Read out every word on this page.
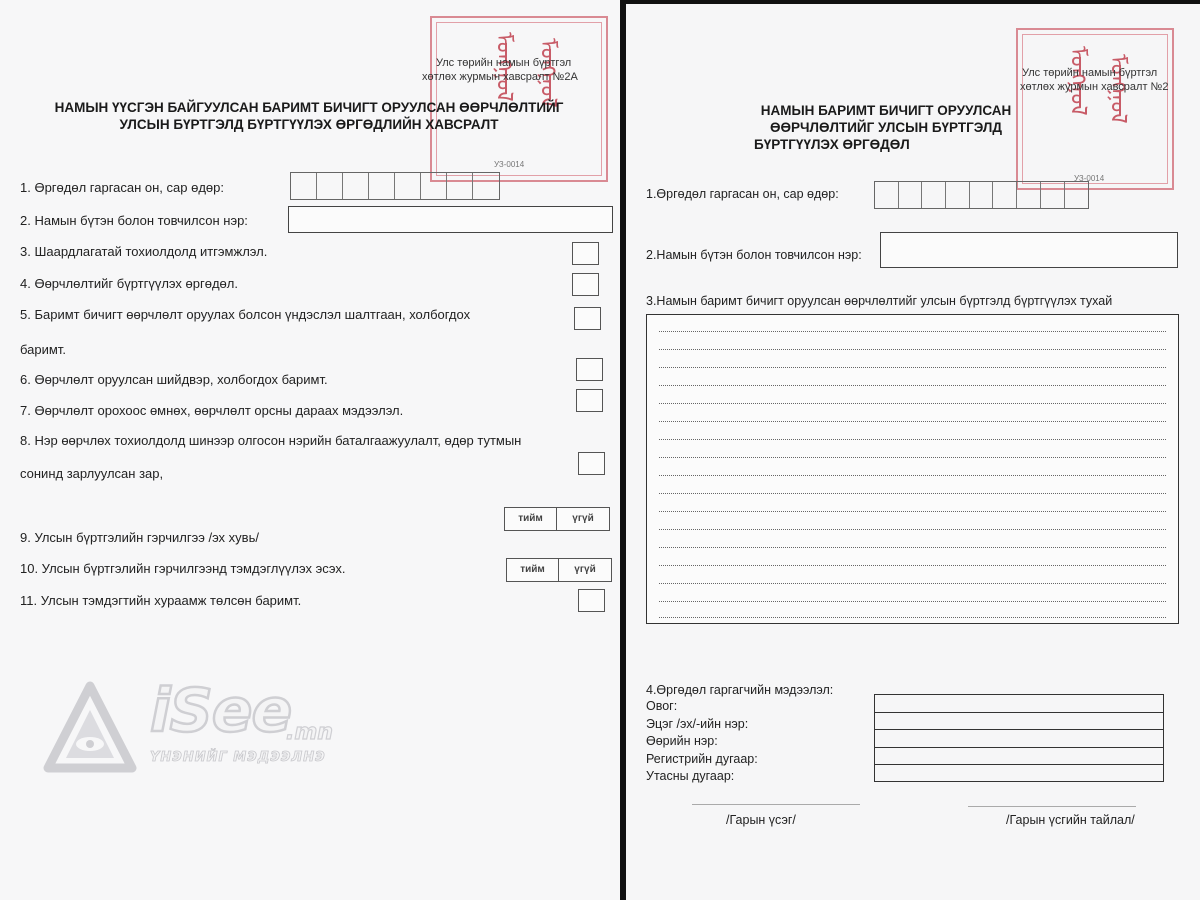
ᠮᠣᠩᠭᠣᠯ ᠮᠣᠩᠭᠣᠯ
УЗ-0014
Улс төрийн намын бүртгэл
хөтлөх журмын хавсралт №2А
НАМЫН ҮҮСГЭН БАЙГУУЛСАН БАРИМТ БИЧИГТ ОРУУЛСАН ӨӨРЧЛӨЛТИЙГ
УЛСЫН БҮРТГЭЛД БҮРТГҮҮЛЭХ ӨРГӨДЛИЙН ХАВСРАЛТ
1. Өргөдөл гаргасан он, сар өдөр:
2. Намын бүтэн болон товчилсон нэр:
3. Шаардлагатай тохиолдолд итгэмжлэл.
4. Өөрчлөлтийг бүртгүүлэх өргөдөл.
5. Баримт бичигт өөрчлөлт оруулах болсон үндэслэл шалтгаан, холбогдох
баримт.
6. Өөрчлөлт оруулсан шийдвэр, холбогдох баримт.
7. Өөрчлөлт орохоос өмнөх, өөрчлөлт орсны дараах мэдээлэл.
8. Нэр өөрчлөх тохиолдолд шинээр олгосон нэрийн баталгаажуулалт, өдөр тутмын
сонинд зарлуулсан зар,
тийм	үгүй
9. Улсын бүртгэлийн гэрчилгээ /эх хувь/
тийм	үгүй
10. Улсын бүртгэлийн гэрчилгээнд тэмдэглүүлэх эсэх.
11. Улсын тэмдэгтийн хураамж төлсөн баримт.
iSee
.mn
ҮНЭНИЙГ МЭДЭЭЛНЭ
ᠮᠣᠩᠭᠣᠯ ᠮᠣᠩᠭᠣᠯ
УЗ-0014
Улс төрийн намын бүртгэл
хөтлөх журмын хавсралт №2
НАМЫН БАРИМТ БИЧИГТ ОРУУЛСАН
ӨӨРЧЛӨЛТИЙГ УЛСЫН БҮРТГЭЛД
БҮРТГҮҮЛЭХ ӨРГӨДӨЛ
1.Өргөдөл гаргасан он, сар өдөр:
2.Намын бүтэн болон товчилсон нэр:
3.Намын баримт бичигт оруулсан өөрчлөлтийг улсын бүртгэлд бүртгүүлэх тухай
4.Өргөдөл гаргагчийн мэдээлэл:
Овог:
Эцэг /эх/-ийн нэр:
Өөрийн нэр:
Регистрийн дугаар:
Утасны дугаар:
/Гарын үсэг/	/Гарын үсгийн тайлал/
